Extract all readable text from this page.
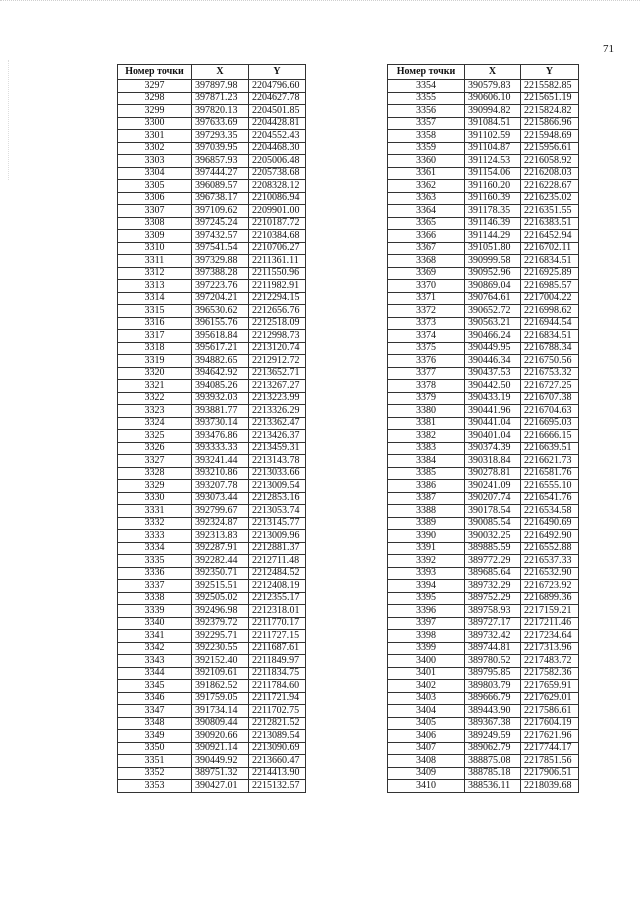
71
Номер точки	X	Y
3297	397897.98	2204796.60
3298	397871.23	2204627.78
3299	397820.13	2204501.85
3300	397633.69	2204428.81
3301	397293.35	2204552.43
3302	397039.95	2204468.30
3303	396857.93	2205006.48
3304	397444.27	2205738.68
3305	396089.57	2208328.12
3306	396738.17	2210086.94
3307	397109.62	2209901.00
3308	397245.24	2210187.72
3309	397432.57	2210384.68
3310	397541.54	2210706.27
3311	397329.88	2211361.11
3312	397388.28	2211550.96
3313	397223.76	2211982.91
3314	397204.21	2212294.15
3315	396530.62	2212656.76
3316	396155.76	2212518.09
3317	395618.84	2212998.73
3318	395617.21	2213120.74
3319	394882.65	2212912.72
3320	394642.92	2213652.71
3321	394085.26	2213267.27
3322	393932.03	2213223.99
3323	393881.77	2213326.29
3324	393730.14	2213362.47
3325	393476.86	2213426.37
3326	393333.33	2213459.31
3327	393241.44	2213143.78
3328	393210.86	2213033.66
3329	393207.78	2213009.54
3330	393073.44	2212853.16
3331	392799.67	2213053.74
3332	392324.87	2213145.77
3333	392313.83	2213009.96
3334	392287.91	2212881.37
3335	392282.44	2212711.48
3336	392350.71	2212484.52
3337	392515.51	2212408.19
3338	392505.02	2212355.17
3339	392496.98	2212318.01
3340	392379.72	2211770.17
3341	392295.71	2211727.15
3342	392230.55	2211687.61
3343	392152.40	2211849.97
3344	392109.61	2211834.75
3345	391862.52	2211784.60
3346	391759.05	2211721.94
3347	391734.14	2211702.75
3348	390809.44	2212821.52
3349	390920.66	2213089.54
3350	390921.14	2213090.69
3351	390449.92	2213660.47
3352	389751.32	2214413.90
3353	390427.01	2215132.57
Номер точки	X	Y
3354	390579.83	2215582.85
3355	390606.10	2215651.19
3356	390994.82	2215824.82
3357	391084.51	2215866.96
3358	391102.59	2215948.69
3359	391104.87	2215956.61
3360	391124.53	2216058.92
3361	391154.06	2216208.03
3362	391160.20	2216228.67
3363	391160.39	2216235.02
3364	391178.35	2216351.55
3365	391146.39	2216383.51
3366	391144.29	2216452.94
3367	391051.80	2216702.11
3368	390999.58	2216834.51
3369	390952.96	2216925.89
3370	390869.04	2216985.57
3371	390764.61	2217004.22
3372	390652.72	2216998.62
3373	390563.21	2216944.54
3374	390466.24	2216834.51
3375	390449.95	2216788.34
3376	390446.34	2216750.56
3377	390437.53	2216753.32
3378	390442.50	2216727.25
3379	390433.19	2216707.38
3380	390441.96	2216704.63
3381	390441.04	2216695.03
3382	390401.04	2216666.15
3383	390374.39	2216639.51
3384	390318.84	2216621.73
3385	390278.81	2216581.76
3386	390241.09	2216555.10
3387	390207.74	2216541.76
3388	390178.54	2216534.58
3389	390085.54	2216490.69
3390	390032.25	2216492.90
3391	389885.59	2216552.88
3392	389772.29	2216537.33
3393	389685.64	2216532.90
3394	389732.29	2216723.92
3395	389752.29	2216899.36
3396	389758.93	2217159.21
3397	389727.17	2217211.46
3398	389732.42	2217234.64
3399	389744.81	2217313.96
3400	389780.52	2217483.72
3401	389795.85	2217582.36
3402	389803.79	2217659.91
3403	389666.79	2217629.01
3404	389443.90	2217586.61
3405	389367.38	2217604.19
3406	389249.59	2217621.96
3407	389062.79	2217744.17
3408	388875.08	2217851.56
3409	388785.18	2217906.51
3410	388536.11	2218039.68
